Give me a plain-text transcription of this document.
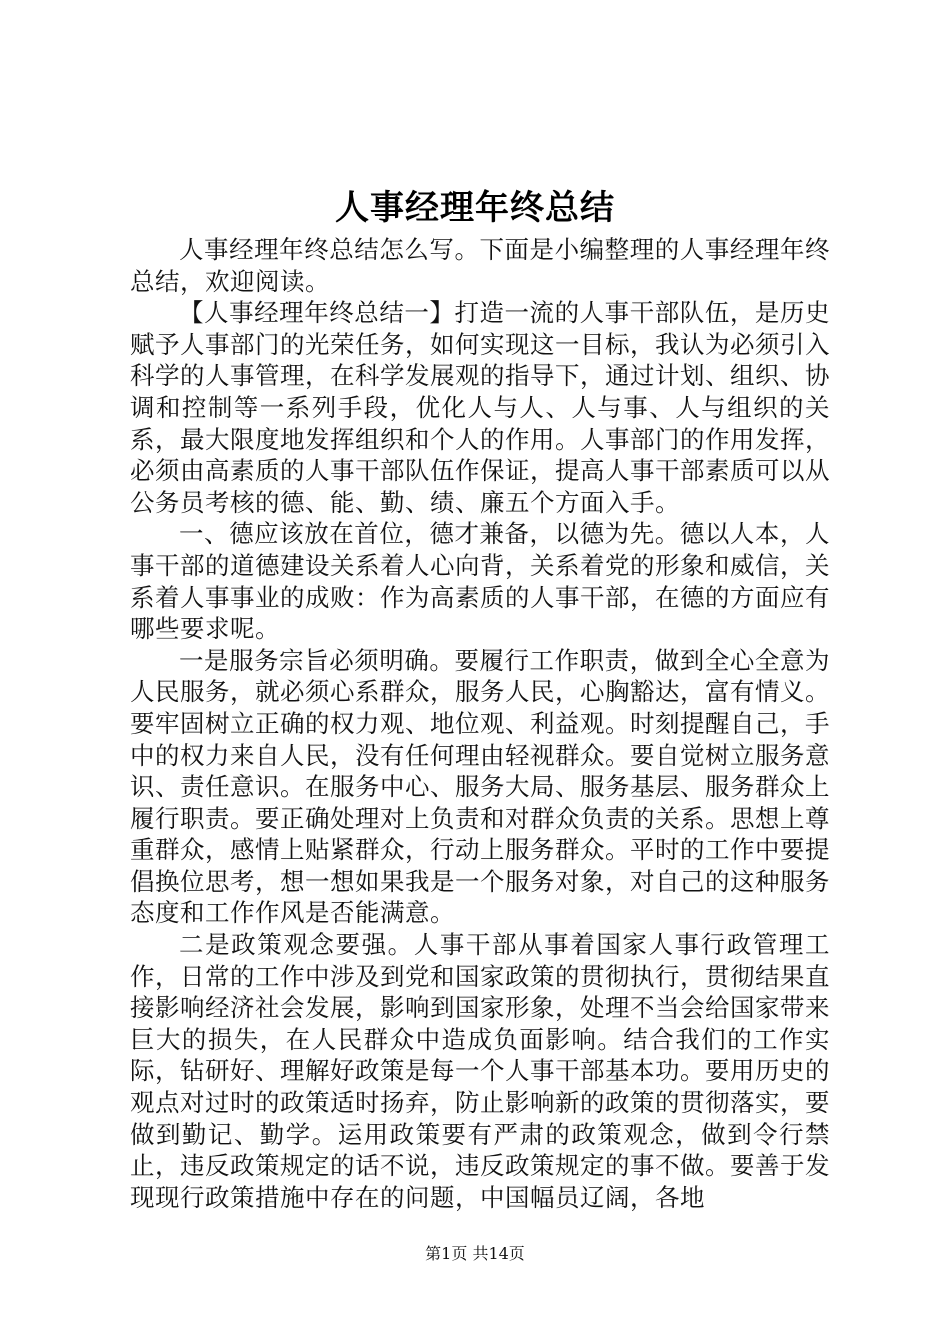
人事经理年终总结

人事经理年终总结怎么写。下面是小编整理的人事经理年终总结，欢迎阅读。

【人事经理年终总结一】打造一流的人事干部队伍，是历史赋予人事部门的光荣任务，如何实现这一目标，我认为必须引入科学的人事管理，在科学发展观的指导下，通过计划、组织、协调和控制等一系列手段，优化人与人、人与事、人与组织的关系，最大限度地发挥组织和个人的作用。人事部门的作用发挥，必须由高素质的人事干部队伍作保证，提高人事干部素质可以从公务员考核的德、能、勤、绩、廉五个方面入手。

一、德应该放在首位，德才兼备，以德为先。德以人本，人事干部的道德建设关系着人心向背，关系着党的形象和威信，关系着人事事业的成败：作为高素质的人事干部，在德的方面应有哪些要求呢。

一是服务宗旨必须明确。要履行工作职责，做到全心全意为人民服务，就必须心系群众，服务人民，心胸豁达，富有情义。要牢固树立正确的权力观、地位观、利益观。时刻提醒自己，手中的权力来自人民，没有任何理由轻视群众。要自觉树立服务意识、责任意识。在服务中心、服务大局、服务基层、服务群众上履行职责。要正确处理对上负责和对群众负责的关系。思想上尊重群众，感情上贴紧群众，行动上服务群众。平时的工作中要提倡换位思考，想一想如果我是一个服务对象，对自己的这种服务态度和工作作风是否能满意。

二是政策观念要强。人事干部从事着国家人事行政管理工作，日常的工作中涉及到党和国家政策的贯彻执行，贯彻结果直接影响经济社会发展，影响到国家形象，处理不当会给国家带来巨大的损失，在人民群众中造成负面影响。结合我们的工作实际，钻研好、理解好政策是每一个人事干部基本功。要用历史的观点对过时的政策适时扬弃，防止影响新的政策的贯彻落实，要做到勤记、勤学。运用政策要有严肃的政策观念，做到令行禁止，违反政策规定的话不说，违反政策规定的事不做。要善于发现现行政策措施中存在的问题，中国幅员辽阔，各地

第1页 共14页
